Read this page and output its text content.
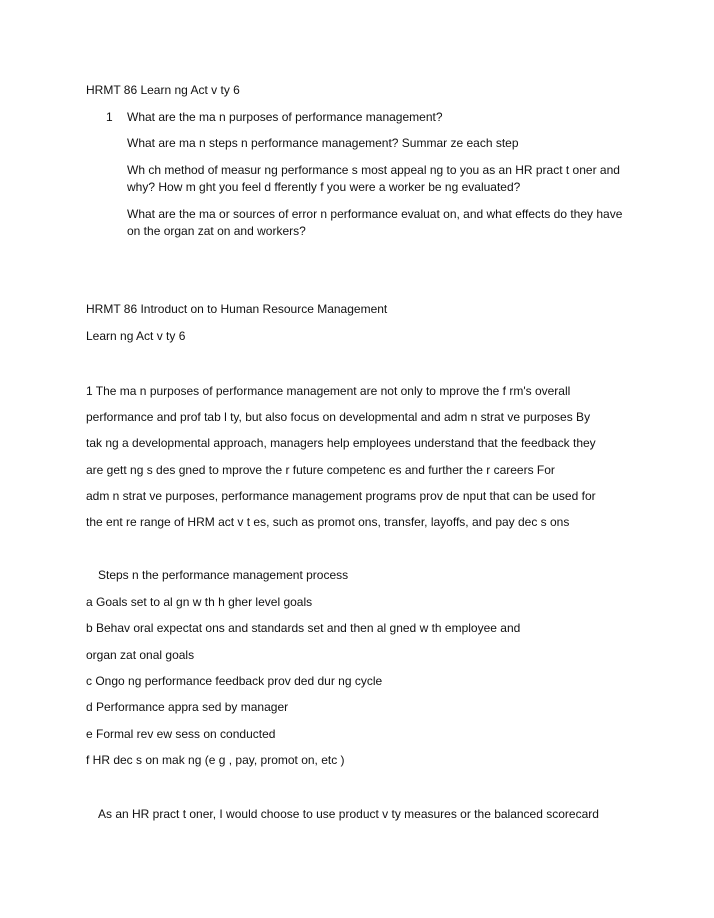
HRMT 86 Learn ng Act v ty 6
1 What are the ma n purposes of performance management?
What are ma n steps n performance management? Summar ze each step
Wh ch method of measur ng performance s most appeal ng to you as an HR pract t oner and why? How m ght you feel d fferently f you were a worker be ng evaluated?
What are the ma or sources of error n performance evaluat on, and what effects do they have on the organ zat on and workers?
HRMT 86 Introduct on to Human Resource Management
Learn ng Act v ty 6
1 The ma n purposes of performance management are not only to mprove the f rm's overall
performance and prof tab l ty, but also focus on developmental and adm n strat ve purposes By
tak ng a developmental approach, managers help employees understand that the feedback they
are gett ng s des gned to mprove the r future competenc es and further the r careers For
adm n strat ve purposes, performance management programs prov de nput that can be used for
the ent re range of HRM act v t es, such as promot ons, transfer, layoffs, and pay dec s ons
Steps n the performance management process
a Goals set to al gn w th h gher level goals
b Behav oral expectat ons and standards set and then al gned w th employee and
organ zat onal goals
c Ongo ng performance feedback prov ded dur ng cycle
d Performance appra sed by manager
e Formal rev ew sess on conducted
f HR dec s on mak ng (e g , pay, promot on, etc )
As an HR pract t oner, I would choose to use product v ty measures or the balanced scorecard
